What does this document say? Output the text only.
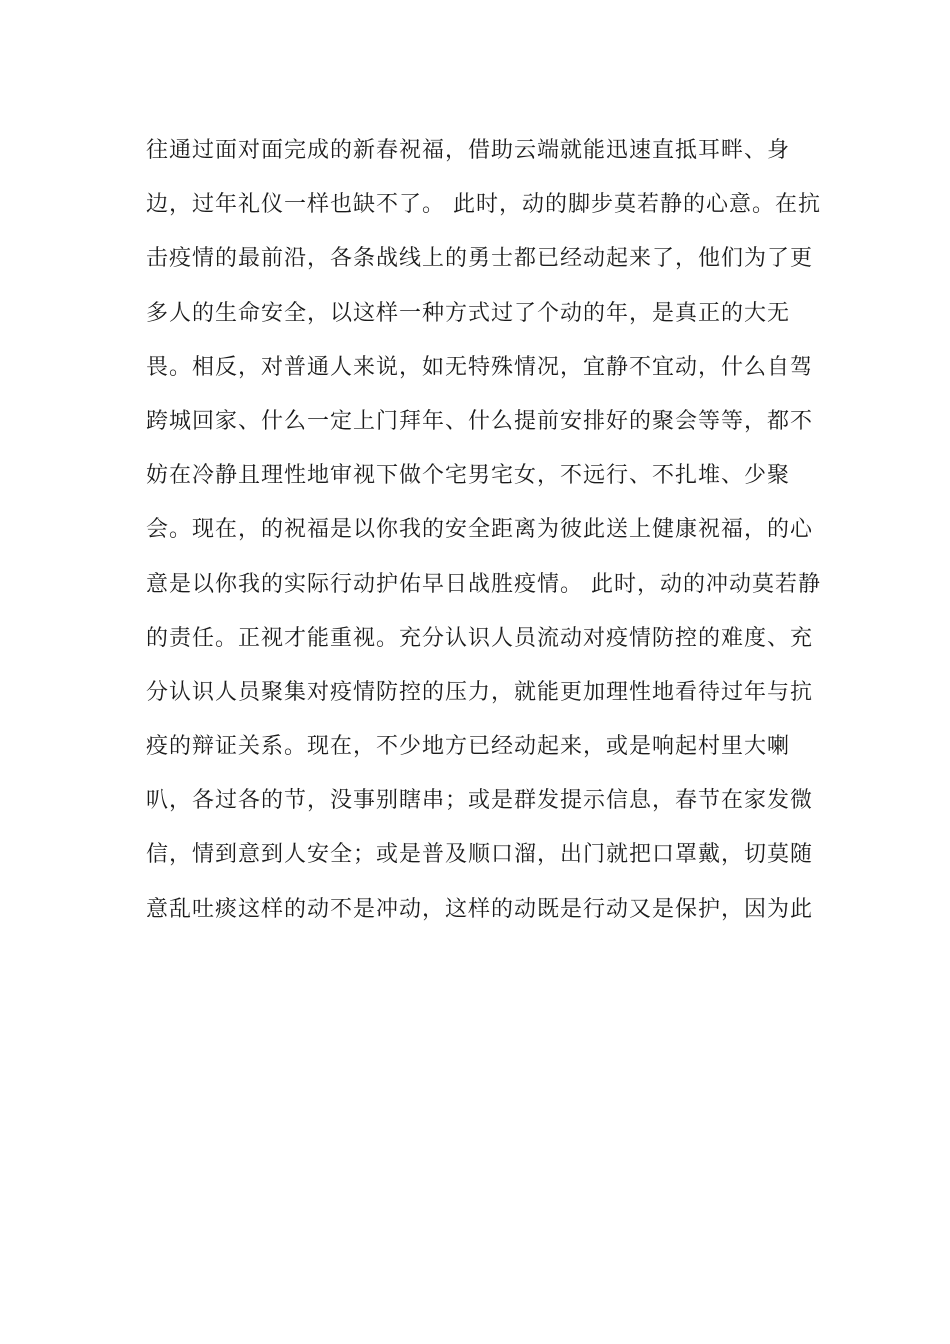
往通过面对面完成的新春祝福，借助云端就能迅速直抵耳畔、身
边，过年礼仪一样也缺不了。 此时，动的脚步莫若静的心意。在抗
击疫情的最前沿，各条战线上的勇士都已经动起来了，他们为了更
多人的生命安全，以这样一种方式过了个动的年，是真正的大无
畏。相反，对普通人来说，如无特殊情况，宜静不宜动，什么自驾
跨城回家、什么一定上门拜年、什么提前安排好的聚会等等，都不
妨在冷静且理性地审视下做个宅男宅女，不远行、不扎堆、少聚
会。现在，的祝福是以你我的安全距离为彼此送上健康祝福，的心
意是以你我的实际行动护佑早日战胜疫情。 此时，动的冲动莫若静
的责任。正视才能重视。充分认识人员流动对疫情防控的难度、充
分认识人员聚集对疫情防控的压力，就能更加理性地看待过年与抗
疫的辩证关系。现在，不少地方已经动起来，或是响起村里大喇
叭，各过各的节，没事别瞎串；或是群发提示信息，春节在家发微
信，情到意到人安全；或是普及顺口溜，出门就把口罩戴，切莫随
意乱吐痰这样的动不是冲动，这样的动既是行动又是保护，因为此
